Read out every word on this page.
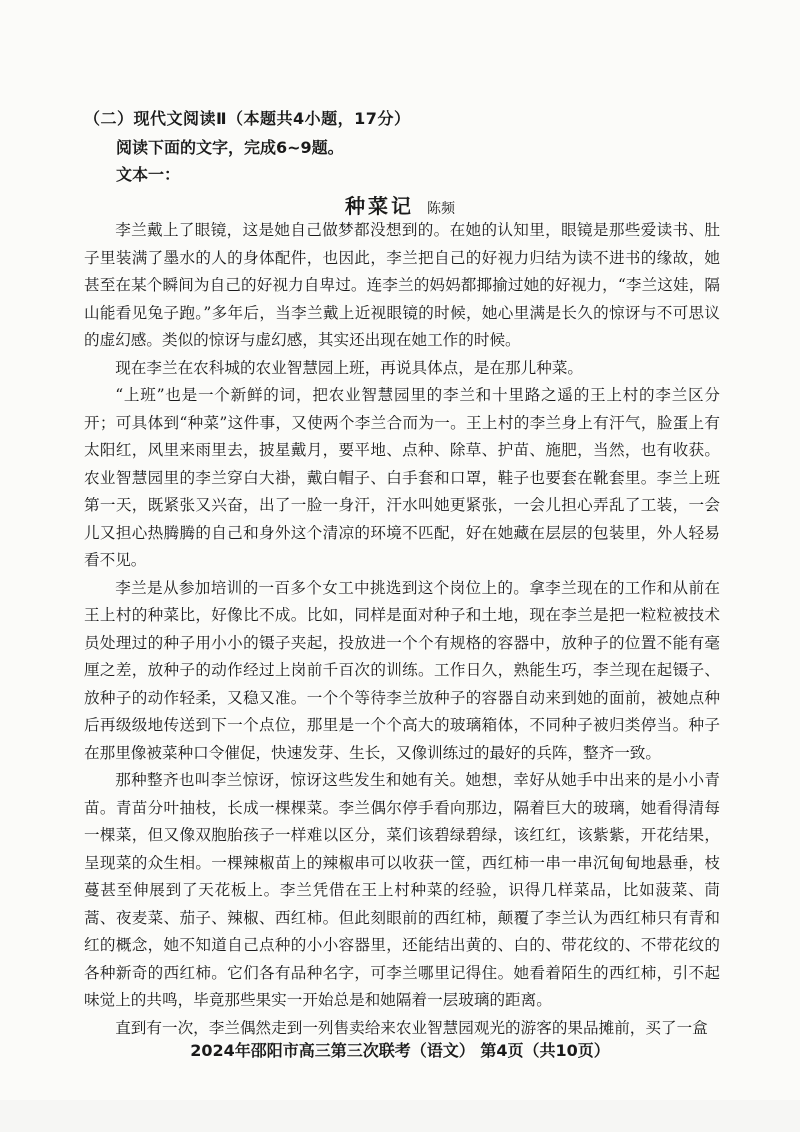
（二）现代文阅读Ⅱ（本题共4小题，17分）
阅读下面的文字，完成6~9题。
文本一：
种菜记 陈频

李兰戴上了眼镜，这是她自己做梦都没想到的。在她的认知里，眼镜是那些爱读书、肚子里装满了墨水的人的身体配件，也因此，李兰把自己的好视力归结为读不进书的缘故，她甚至在某个瞬间为自己的好视力自卑过。连李兰的妈妈都揶揄过她的好视力，“李兰这娃，隔山能看见兔子跑。”多年后，当李兰戴上近视眼镜的时候，她心里满是长久的惊讶与不可思议的虚幻感。类似的惊讶与虚幻感，其实还出现在她工作的时候。

现在李兰在农科城的农业智慧园上班，再说具体点，是在那儿种菜。

“上班”也是一个新鲜的词，把农业智慧园里的李兰和十里路之遥的王上村的李兰区分开；可具体到“种菜”这件事，又使两个李兰合而为一。王上村的李兰身上有汗气，脸蛋上有太阳红，风里来雨里去，披星戴月，要平地、点种、除草、护苗、施肥，当然，也有收获。农业智慧园里的李兰穿白大褂，戴白帽子、白手套和口罩，鞋子也要套在靴套里。李兰上班第一天，既紧张又兴奋，出了一脸一身汗，汗水叫她更紧张，一会儿担心弄乱了工装，一会儿又担心热腾腾的自己和身外这个清凉的环境不匹配，好在她藏在层层的包装里，外人轻易看不见。

李兰是从参加培训的一百多个女工中挑选到这个岗位上的。拿李兰现在的工作和从前在王上村的种菜比，好像比不成。比如，同样是面对种子和土地，现在李兰是把一粒粒被技术员处理过的种子用小小的镊子夹起，投放进一个个有规格的容器中，放种子的位置不能有毫厘之差，放种子的动作经过上岗前千百次的训练。工作日久，熟能生巧，李兰现在起镊子、放种子的动作轻柔，又稳又准。一个个等待李兰放种子的容器自动来到她的面前，被她点种后再级级地传送到下一个点位，那里是一个个高大的玻璃箱体，不同种子被归类停当。种子在那里像被菜种口令催促，快速发芽、生长，又像训练过的最好的兵阵，整齐一致。

那种整齐也叫李兰惊讶，惊讶这些发生和她有关。她想，幸好从她手中出来的是小小青苗。青苗分叶抽枝，长成一棵棵菜。李兰偶尔停手看向那边，隔着巨大的玻璃，她看得清每一棵菜，但又像双胞胎孩子一样难以区分，菜们该碧绿碧绿，该红红，该紫紫，开花结果，呈现菜的众生相。一棵辣椒苗上的辣椒串可以收获一筐，西红柿一串一串沉甸甸地悬垂，枝蔓甚至伸展到了天花板上。李兰凭借在王上村种菜的经验，识得几样菜品，比如菠菜、茼蒿、夜麦菜、茄子、辣椒、西红柿。但此刻眼前的西红柿，颠覆了李兰认为西红柿只有青和红的概念，她不知道自己点种的小小容器里，还能结出黄的、白的、带花纹的、不带花纹的各种新奇的西红柿。它们各有品种名字，可李兰哪里记得住。她看着陌生的西红柿，引不起味觉上的共鸣，毕竟那些果实一开始总是和她隔着一层玻璃的距离。

直到有一次，李兰偶然走到一列售卖给来农业智慧园观光的游客的果品摊前，买了一盒

2024年邵阳市高三第三次联考（语文） 第4页（共10页）
